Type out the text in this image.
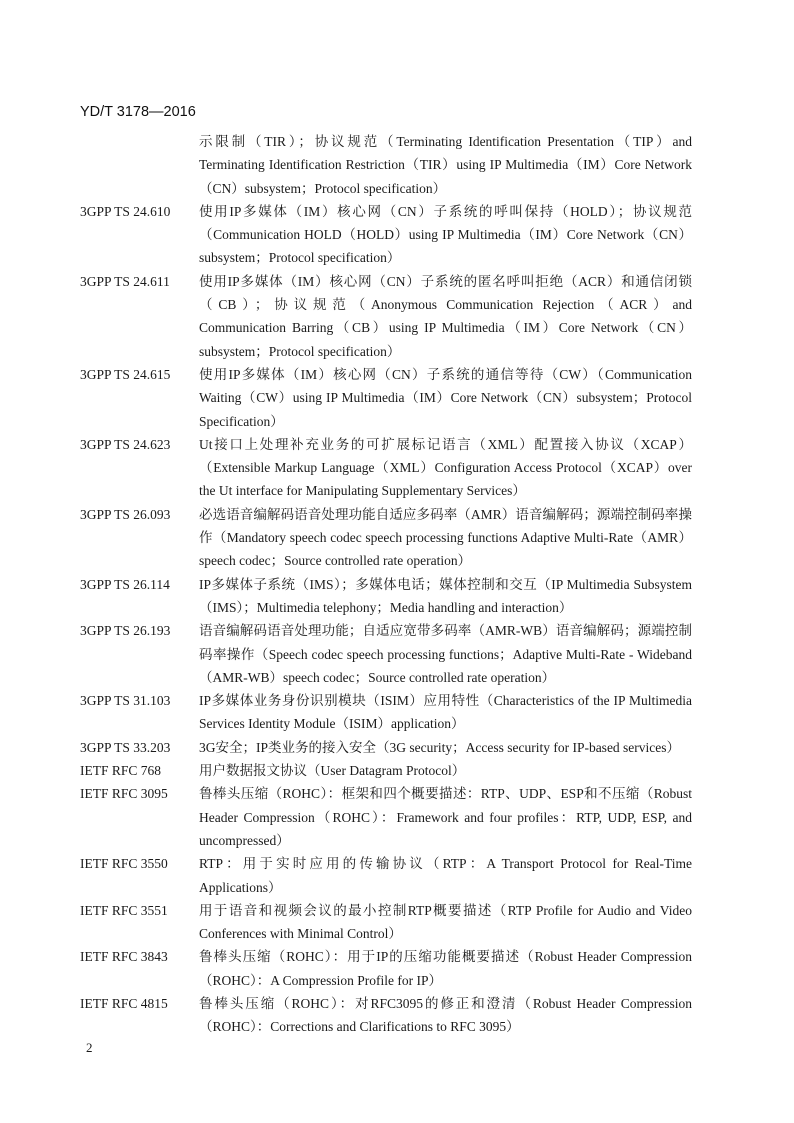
YD/T 3178—2016
示限制（TIR）；协议规范（Terminating Identification Presentation（TIP）and Terminating Identification Restriction（TIR）using IP Multimedia（IM）Core Network（CN）subsystem；Protocol specification）
3GPP TS 24.610	使用IP多媒体（IM）核心网（CN）子系统的呼叫保持（HOLD）；协议规范（Communication HOLD（HOLD）using IP Multimedia（IM）Core Network（CN）subsystem；Protocol specification）
3GPP TS 24.611	使用IP多媒体（IM）核心网（CN）子系统的匿名呼叫拒绝（ACR）和通信闭锁（CB）；协议规范（Anonymous Communication Rejection（ACR）and Communication Barring（CB）using IP Multimedia（IM）Core Network（CN）subsystem；Protocol specification）
3GPP TS 24.615	使用IP多媒体（IM）核心网（CN）子系统的通信等待（CW）（Communication Waiting（CW）using IP Multimedia（IM）Core Network（CN）subsystem；Protocol Specification）
3GPP TS 24.623	Ut接口上处理补充业务的可扩展标记语言（XML）配置接入协议（XCAP）（Extensible Markup Language（XML）Configuration Access Protocol（XCAP）over the Ut interface for Manipulating Supplementary Services）
3GPP TS 26.093	必选语音编解码语音处理功能自适应多码率（AMR）语音编解码；源端控制码率操作（Mandatory speech codec speech processing functions Adaptive Multi-Rate（AMR）speech codec；Source controlled rate operation）
3GPP TS 26.114	IP多媒体子系统（IMS）；多媒体电话；媒体控制和交互（IP Multimedia Subsystem（IMS）；Multimedia telephony；Media handling and interaction）
3GPP TS 26.193	语音编解码语音处理功能；自适应宽带多码率（AMR-WB）语音编解码；源端控制码率操作（Speech codec speech processing functions；Adaptive Multi-Rate - Wideband（AMR-WB）speech codec；Source controlled rate operation）
3GPP TS 31.103	IP多媒体业务身份识别模块（ISIM）应用特性（Characteristics of the IP Multimedia Services Identity Module（ISIM）application）
3GPP TS 33.203	3G安全；IP类业务的接入安全（3G security；Access security for IP-based services）
IETF RFC 768	用户数据报文协议（User Datagram Protocol）
IETF RFC 3095	鲁棒头压缩（ROHC）：框架和四个概要描述：RTP、UDP、ESP和不压缩（Robust Header Compression（ROHC）：Framework and four profiles：RTP, UDP, ESP, and uncompressed）
IETF RFC 3550	RTP：用于实时应用的传输协议（RTP：A Transport Protocol for Real-Time Applications）
IETF RFC 3551	用于语音和视频会议的最小控制RTP概要描述（RTP Profile for Audio and Video Conferences with Minimal Control）
IETF RFC 3843	鲁棒头压缩（ROHC）：用于IP的压缩功能概要描述（Robust Header Compression（ROHC）：A Compression Profile for IP）
IETF RFC 4815	鲁棒头压缩（ROHC）：对RFC3095的修正和澄清（Robust Header Compression（ROHC）：Corrections and Clarifications to RFC 3095）
2
